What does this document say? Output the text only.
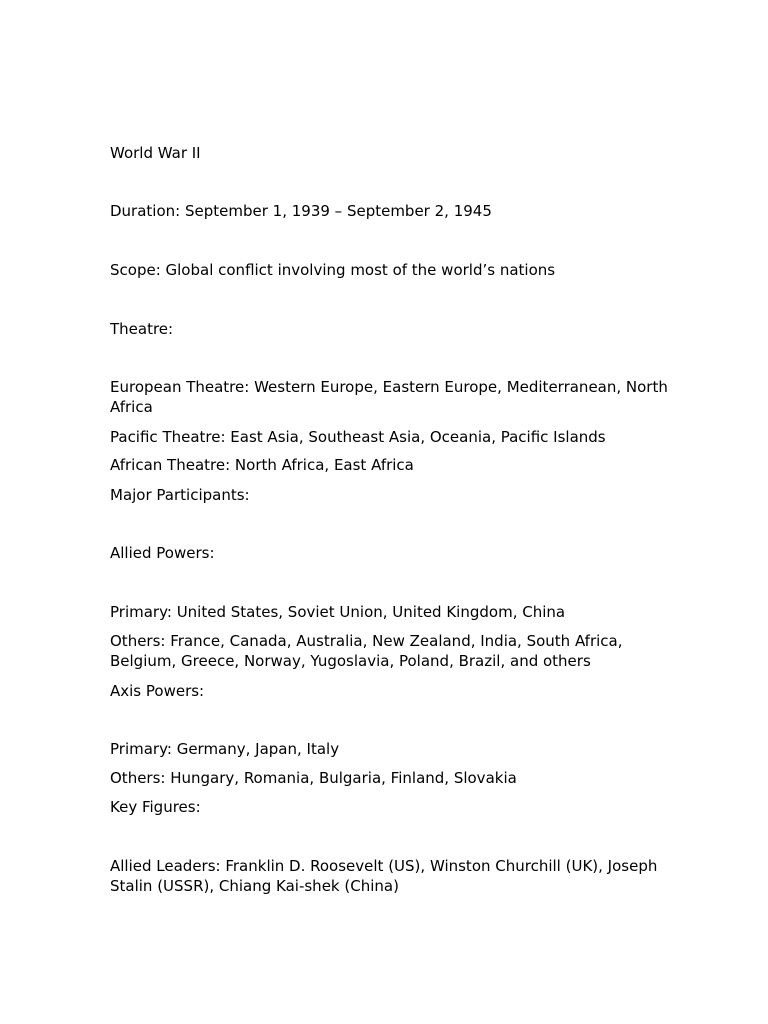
World War II

Duration: September 1, 1939 – September 2, 1945

Scope: Global conflict involving most of the world’s nations

Theatre:

European Theatre: Western Europe, Eastern Europe, Mediterranean, North Africa

Pacific Theatre: East Asia, Southeast Asia, Oceania, Pacific Islands

African Theatre: North Africa, East Africa

Major Participants:

Allied Powers:

Primary: United States, Soviet Union, United Kingdom, China

Others: France, Canada, Australia, New Zealand, India, South Africa, Belgium, Greece, Norway, Yugoslavia, Poland, Brazil, and others

Axis Powers:

Primary: Germany, Japan, Italy

Others: Hungary, Romania, Bulgaria, Finland, Slovakia

Key Figures:

Allied Leaders: Franklin D. Roosevelt (US), Winston Churchill (UK), Joseph Stalin (USSR), Chiang Kai-shek (China)
